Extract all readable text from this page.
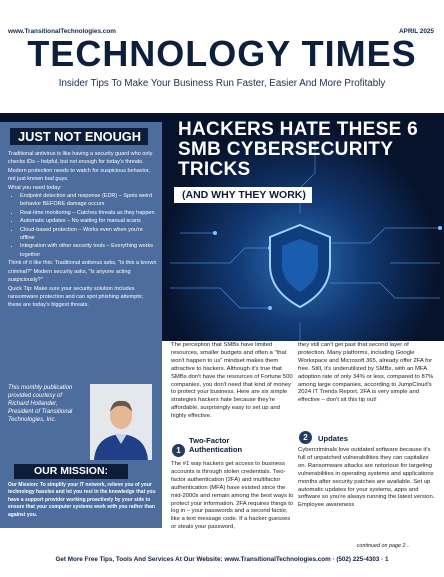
www.TransitionalTechnologies.com	APRIL 2025
TECHNOLOGY TIMES
Insider Tips To Make Your Business Run Faster, Easier And More Profitably
JUST NOT ENOUGH

Traditional antivirus is like having a security guard who only checks IDs – helpful, but not enough for today's threats. Modern protection needs to watch for suspicious behavior, not just known bad guys.

What you need today:

• Endpoint detection and response (EDR) – Spots weird behavior BEFORE damage occurs
• Real-time monitoring – Catches threats as they happen
• Automatic updates – No waiting for manual scans
• Cloud-based protection – Works even when you're offline
• Integration with other security tools – Everything works together

Think of it like this: Traditional antivirus asks, "Is this a known criminal?" Modern security asks, "Is anyone acting suspiciously?"

Quick Tip: Make sure your security solution includes ransomware protection and can spot phishing attempts; these are today's biggest threats.

This monthly publication provided courtesy of Richard Hollander, President of Transitional Technologies, Inc.
OUR MISSION:
Our Mission: To simplify your IT network, relieve you of your technology hassles and let you rest in the knowledge that you have a support provider working proactively by your side to ensure that your computer systems work with you rather than against you.
HACKERS HATE THESE 6 SMB CYBERSECURITY TRICKS
(AND WHY THEY WORK)
The perception that SMBs have limited resources, smaller budgets and often a "that won't happen to us" mindset makes them attractive to hackers. Although it's true that SMBs don't have the resources of Fortune 500 companies, you don't need that kind of money to protect your business. Here are six simple strategies hackers hate because they're affordable, surprisingly easy to set up and highly effective.
1
Two-Factor Authentication
The #1 way hackers get access to business accounts is through stolen credentials. Two-factor authentication (2FA) and multifactor authentication (MFA) have existed since the mid-2000s and remain among the best ways to protect your information. 2FA requires things to log in – your passwords and a second factor, like a text message code. If a hacker guesses or steals your password,
they still can't get past that second layer of protection. Many platforms, including Google Workspace and Microsoft 365, already offer 2FA for free. Still, it's underutilized by SMBs, with an MFA adoption rate of only 34% or less, compared to 87% among large companies, according to JumpCloud's 2024 IT Trends Report. 2FA is very simple and effective – don't sit this tip out!
2	Updates
Cybercriminals love outdated software because it's full of unpatched vulnerabilities they can capitalize on. Ransomware attacks are notorious for targeting vulnerabilities in operating systems and applications months after security patches are available. Set up automatic updates for your systems, apps and software so you're always running the latest version. Employee awareness
continued on page 2...
Get More Free Tips, Tools And Services At Our Website: www.TransitionalTechnologies.com · (502) 225-4303 · 1
